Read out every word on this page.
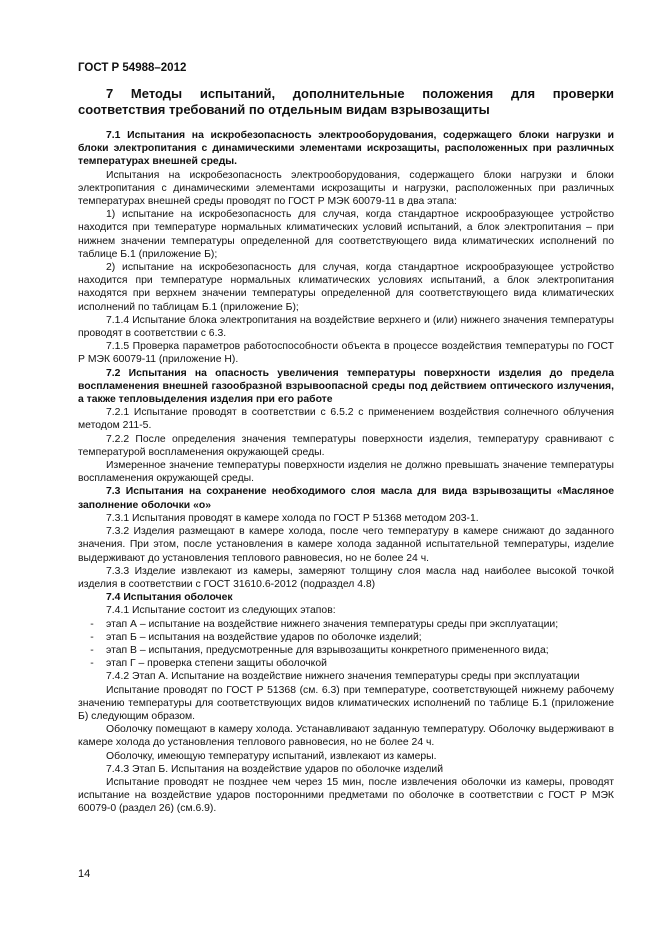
ГОСТ Р 54988–2012
7 Методы испытаний, дополнительные положения для проверки соответствия требований по отдельным видам взрывозащиты

7.1 Испытания на искробезопасность электрооборудования, содержащего блоки нагрузки и блоки электропитания с динамическими элементами искрозащиты, расположенных при различных температурах внешней среды.

Испытания на искробезопасность электрооборудования, содержащего блоки нагрузки и блоки электропитания с динамическими элементами искрозащиты и нагрузки, расположенных при различных температурах внешней среды проводят по ГОСТ Р МЭК 60079-11 в два этапа:

1) испытание на искробезопасность для случая, когда стандартное искрообразующее устройство находится при температуре нормальных климатических условий испытаний, а блок электропитания – при нижнем значении температуры определенной для соответствующего вида климатических исполнений по таблице Б.1 (приложение Б);

2) испытание на искробезопасность для случая, когда стандартное искрообразующее устройство находится при температуре нормальных климатических условиях испытаний, а блок электропитания находятся при верхнем значении температуры определенной для соответствующего вида климатических исполнений по таблицам Б.1 (приложение Б);

7.1.4 Испытание блока электропитания на воздействие верхнего и (или) нижнего значения температуры проводят в соответствии с 6.3.

7.1.5 Проверка параметров работоспособности объекта в процессе воздействия температуры по ГОСТ Р МЭК 60079-11 (приложение Н).

7.2 Испытания на опасность увеличения температуры поверхности изделия до предела воспламенения внешней газообразной взрывоопасной среды под действием оптического излучения, а также тепловыделения изделия при его работе

7.2.1 Испытание проводят в соответствии с 6.5.2 с применением воздействия солнечного облучения методом 211-5.

7.2.2 После определения значения температуры поверхности изделия, температуру сравнивают с температурой воспламенения окружающей среды.

Измеренное значение температуры поверхности изделия не должно превышать значение температуры воспламенения окружающей среды.

7.3 Испытания на сохранение необходимого слоя масла для вида взрывозащиты «Масляное заполнение оболочки «о»

7.3.1 Испытания проводят в камере холода по ГОСТ Р 51368 методом 203-1.

7.3.2 Изделия размещают в камере холода, после чего температуру в камере снижают до заданного значения. При этом, после установления в камере холода заданной испытательной температуры, изделие выдерживают до установления теплового равновесия, но не более 24 ч.

7.3.3 Изделие извлекают из камеры, замеряют толщину слоя масла над наиболее высокой точкой изделия в соответствии с ГОСТ 31610.6-2012 (подраздел 4.8)

7.4 Испытания оболочек

7.4.1 Испытание состоит из следующих этапов:

- этап А – испытание на воздействие нижнего значения температуры среды при эксплуатации;

- этап Б – испытания на воздействие ударов по оболочке изделий;

- этап В – испытания, предусмотренные для взрывозащиты конкретного примененного вида;

- этап Г – проверка степени защиты оболочкой

7.4.2 Этап А. Испытание на воздействие нижнего значения температуры среды при эксплуатации

Испытание проводят по ГОСТ Р 51368 (см. 6.3) при температуре, соответствующей нижнему рабочему значению температуры для соответствующих видов климатических исполнений по таблице Б.1 (приложение Б) следующим образом.

Оболочку помещают в камеру холода. Устанавливают заданную температуру. Оболочку выдерживают в камере холода до установления теплового равновесия, но не более 24 ч.

Оболочку, имеющую температуру испытаний, извлекают из камеры.

7.4.3 Этап Б. Испытания на воздействие ударов по оболочке изделий

Испытание проводят не позднее чем через 15 мин, после извлечения оболочки из камеры, проводят испытание на воздействие ударов посторонними предметами по оболочке в соответствии с ГОСТ Р МЭК 60079-0 (раздел 26) (см.6.9).

14
